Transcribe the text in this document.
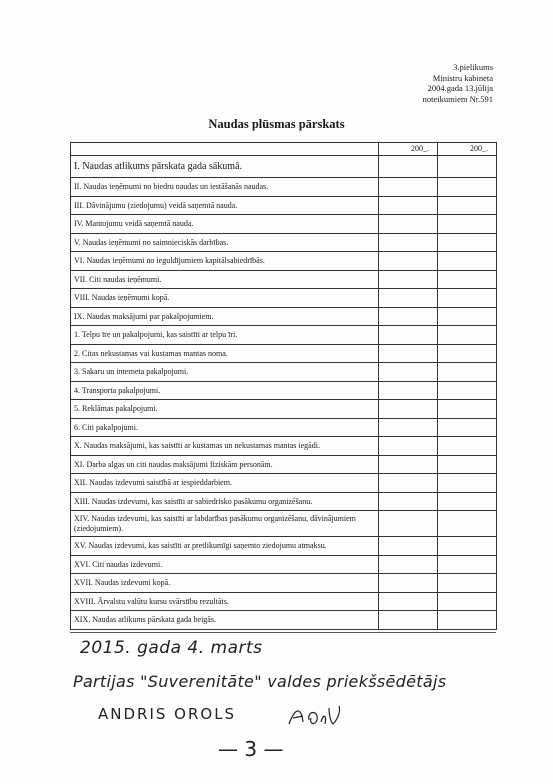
3.pielikums
Ministru kabineta
2004.gada 13.jūlija
noteikumiem Nr.591
Naudas plūsmas pārskats
	200_.	200_.
I. Naudas atlikums pārskata gada sākumā.		
II. Naudas ieņēmumi no biedru naudas un iestāšanās naudas.		
III. Dāvinājumu (ziedojumu) veidā saņemtā nauda.		
IV. Mantojumu veidā saņemtā nauda.		
V. Naudas ieņēmumi no saimnieciskās darbības.		
VI. Naudas ieņēmumi no ieguldījumiem kapitālsabiedrībās.		
VII. Citi naudas ieņēmumi.		
VIII. Naudas ieņēmumi kopā.		
IX. Naudas maksājumi par pakalpojumiem.		
1. Telpu īre un pakalpojumi, kas saistīti ar telpu īri.		
2. Citas nekustamas vai kustamas mantas noma.		
3. Sakaru un interneta pakalpojumi.		
4. Transporta pakalpojumi.		
5. Reklāmas pakalpojumi.		
6. Citi pakalpojumi.		
X. Naudas maksājumi, kas saistīti ar kustamas un nekustamas mantas iegādi.		
XI. Darba algas un citi naudas maksājumi fiziskām personām.		
XII. Naudas izdevumi saistībā ar iespieddarbiem.		
XIII. Naudas izdevumi, kas saistīti ar sabiedrisko pasākumu organizēšanu.		
XIV. Naudas izdevumi, kas saistīti ar labdarības pasākumu organizēšanu, dāvinājumiem (ziedojumiem).		
XV. Naudas izdevumi, kas saistīti ar pretlikumīgi saņemto ziedojumu atmaksu.		
XVI. Citi naudas izdevumi.		
XVII. Naudas izdevumi kopā.		
XVIII. Ārvalstu valūtu kursu svārstību rezultāts.		
XIX. Naudas atlikums pārskata gada beigās.		
2015. gada 4. marts
Partijas "Suverenitāte" valdes priekšsēdētājs
ANDRIS OROLS
— 3 —
